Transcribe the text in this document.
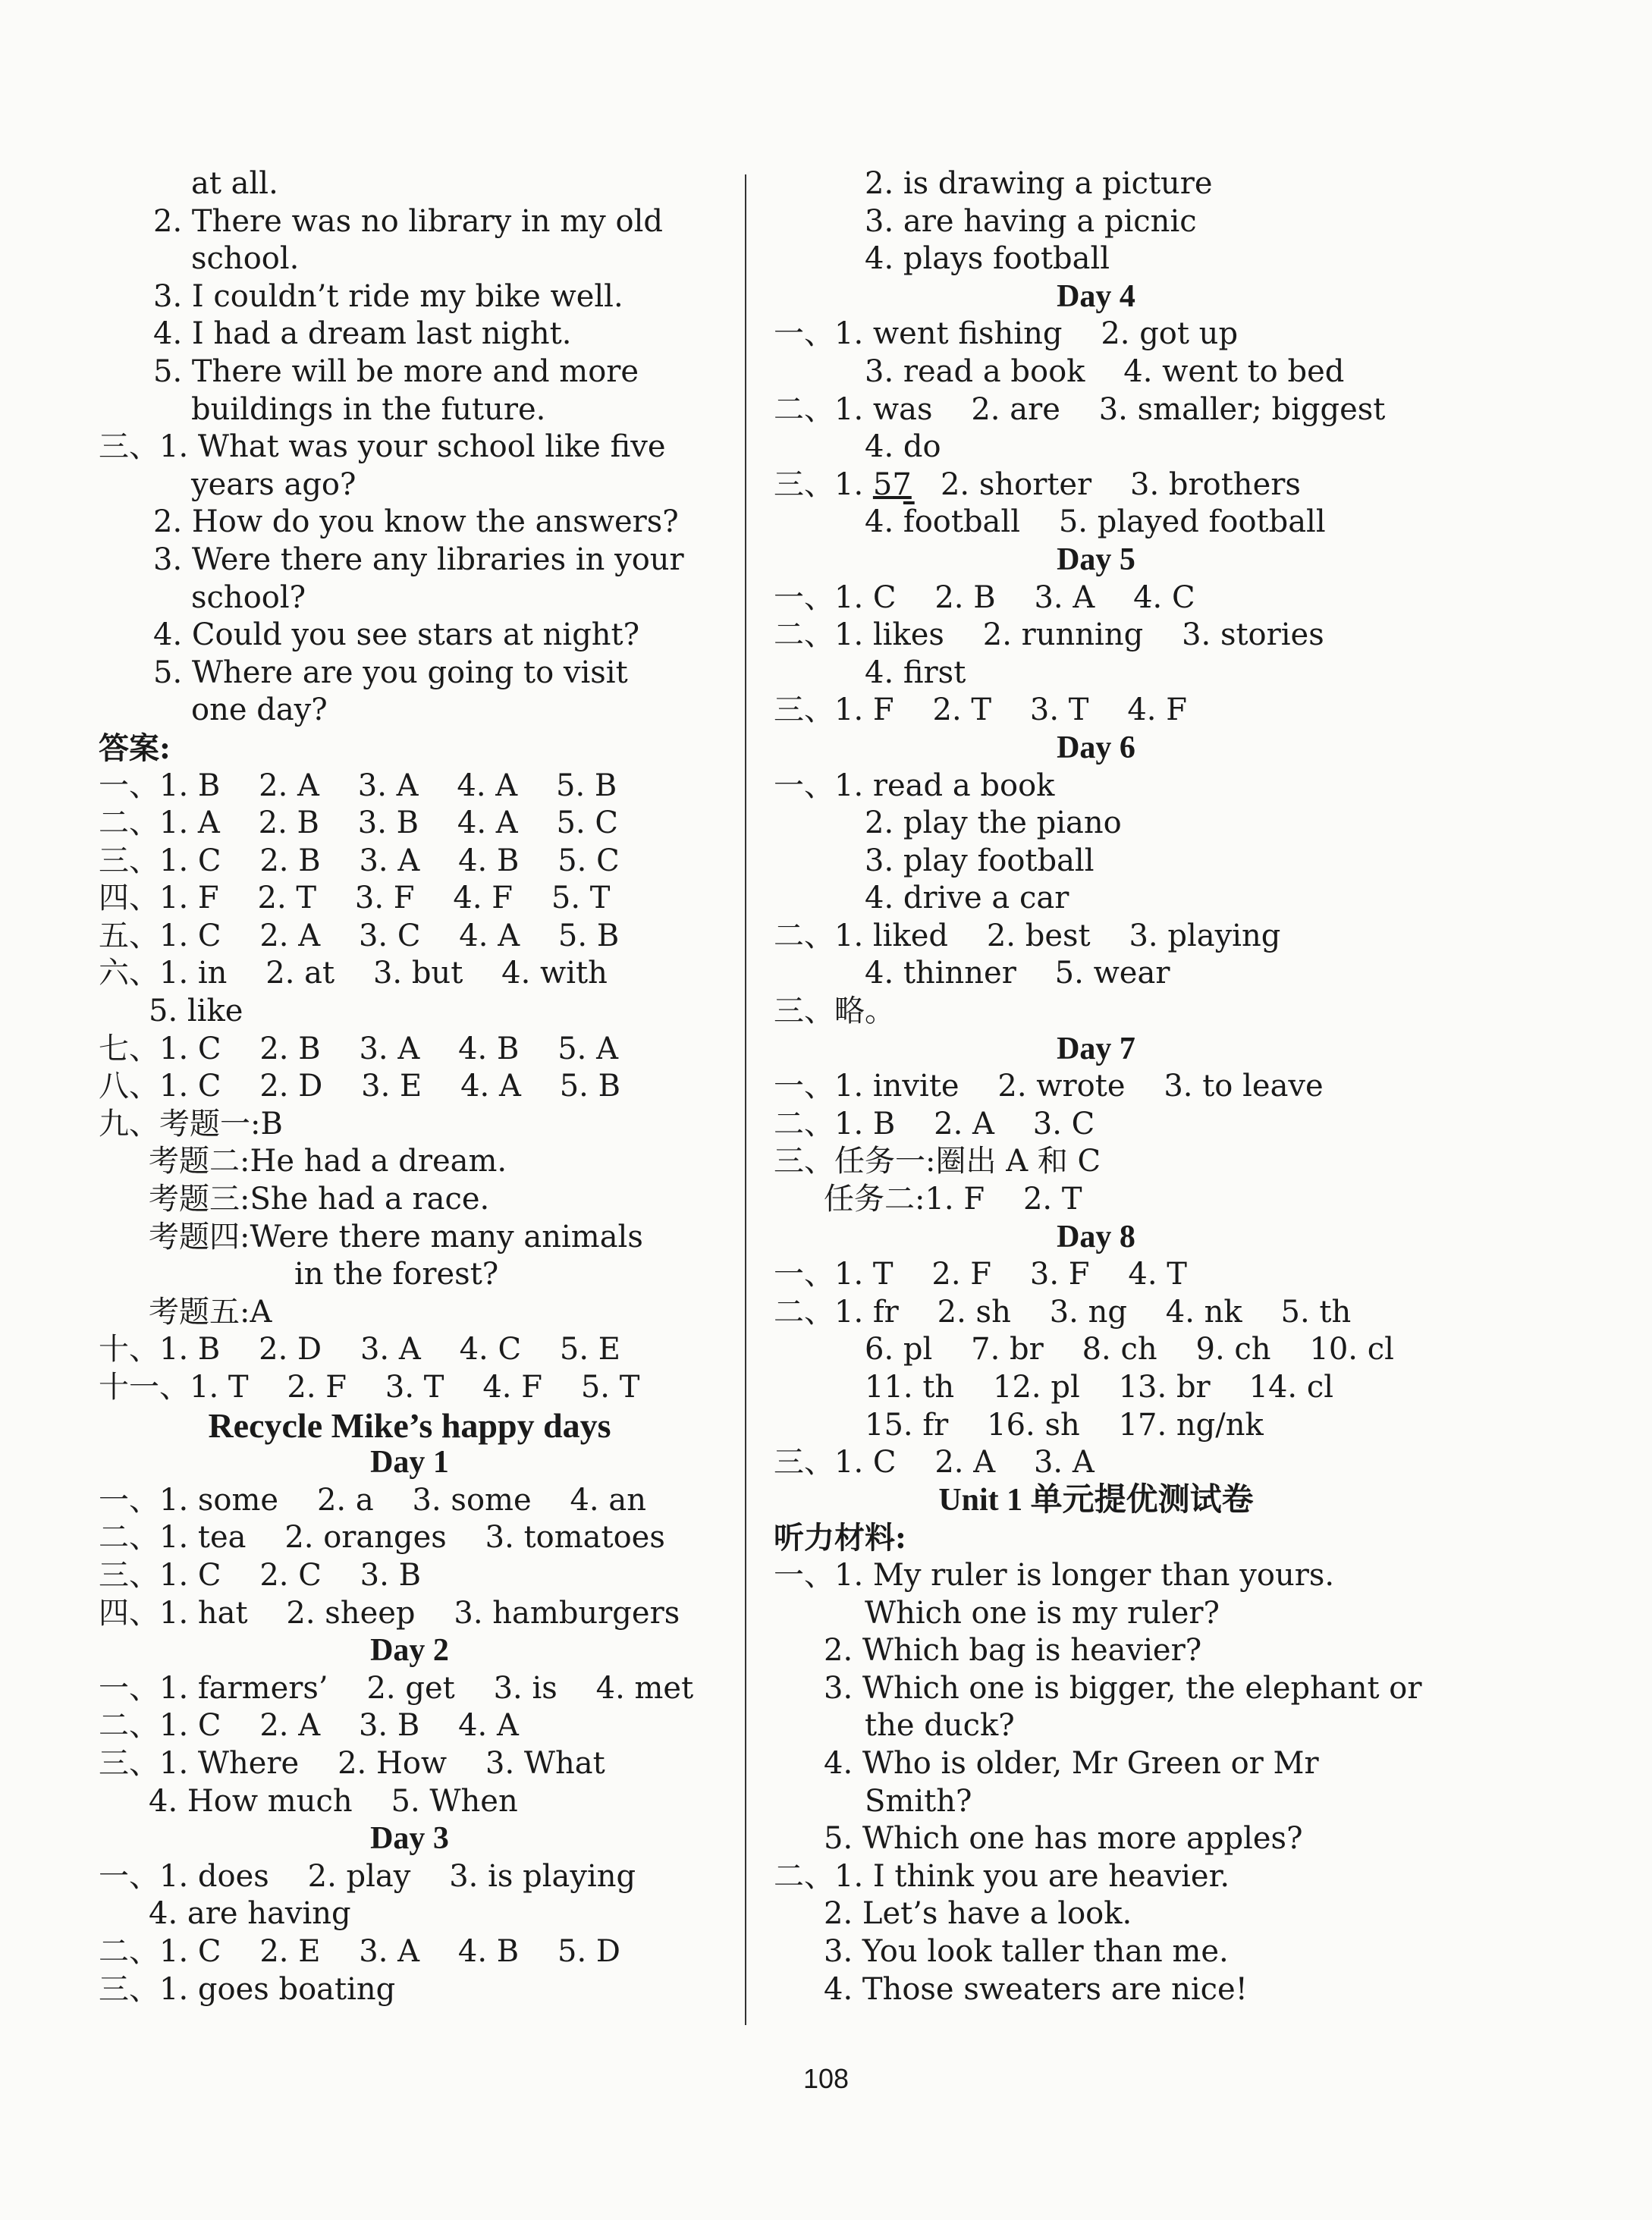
at all.
2. There was no library in my old
school.
3. I couldn’t ride my bike well.
4. I had a dream last night.
5. There will be more and more
buildings in the future.
三、1. What was your school like five
years ago?
2. How do you know the answers?
3. Were there any libraries in your
school?
4. Could you see stars at night?
5. Where are you going to visit
one day?
答案:
一、1. B    2. A    3. A    4. A    5. B
二、1. A    2. B    3. B    4. A    5. C
三、1. C    2. B    3. A    4. B    5. C
四、1. F    2. T    3. F    4. F    5. T
五、1. C    2. A    3. C    4. A    5. B
六、1. in    2. at    3. but    4. with
5. like
七、1. C    2. B    3. A    4. B    5. A
八、1. C    2. D    3. E    4. A    5. B
九、考题一:B
考题二:He had a dream.
考题三:She had a race.
考题四:Were there many animals
in the forest?
考题五:A
十、1. B    2. D    3. A    4. C    5. E
十一、1. T    2. F    3. T    4. F    5. T
Recycle Mike’s happy days
Day 1
一、1. some    2. a    3. some    4. an
二、1. tea    2. oranges    3. tomatoes
三、1. C    2. C    3. B
四、1. hat    2. sheep    3. hamburgers
Day 2
一、1. farmers’    2. get    3. is    4. met
二、1. C    2. A    3. B    4. A
三、1. Where    2. How    3. What
4. How much    5. When
Day 3
一、1. does    2. play    3. is playing
4. are having
二、1. C    2. E    3. A    4. B    5. D
三、1. goes boating
2. is drawing a picture
3. are having a picnic
4. plays football
Day 4
一、1. went fishing    2. got up
3. read a book    4. went to bed
二、1. was    2. are    3. smaller; biggest
4. do
三、1. 57   2. shorter    3. brothers
4. $\overline{f}ootball$    5. played football
Day 5
一、1. C    2. B    3. A    4. C
二、1. likes    2. running    3. stories
4. first
三、1. F    2. T    3. T    4. F
Day 6
一、1. read a book
2. play the piano
3. play football
4. drive a car
二、1. liked    2. best    3. playing
4. thinner    5. wear
三、略。
Day 7
一、1. invite    2. wrote    3. to leave
二、1. B    2. A    3. C
三、任务一:圈出 A 和 C
任务二:1. F    2. T
Day 8
一、1. T    2. F    3. F    4. T
二、1. fr    2. sh    3. ng    4. nk    5. th
6. pl    7. br    8. ch    9. ch    10. cl
11. th    12. pl    13. br    14. cl
15. fr    16. sh    17. ng/nk
三、1. C    2. A    3. A
Unit 1 单元提优测试卷
听力材料:
一、1. My ruler is longer than yours.
Which one is my ruler?
2. Which bag is heavier?
3. Which one is bigger, the elephant or
the duck?
4. Who is older, Mr Green or Mr
Smith?
5. Which one has more apples?
二、1. I think you are heavier.
2. Let’s have a look.
3. You look taller than me.
4. Those sweaters are nice!
108
